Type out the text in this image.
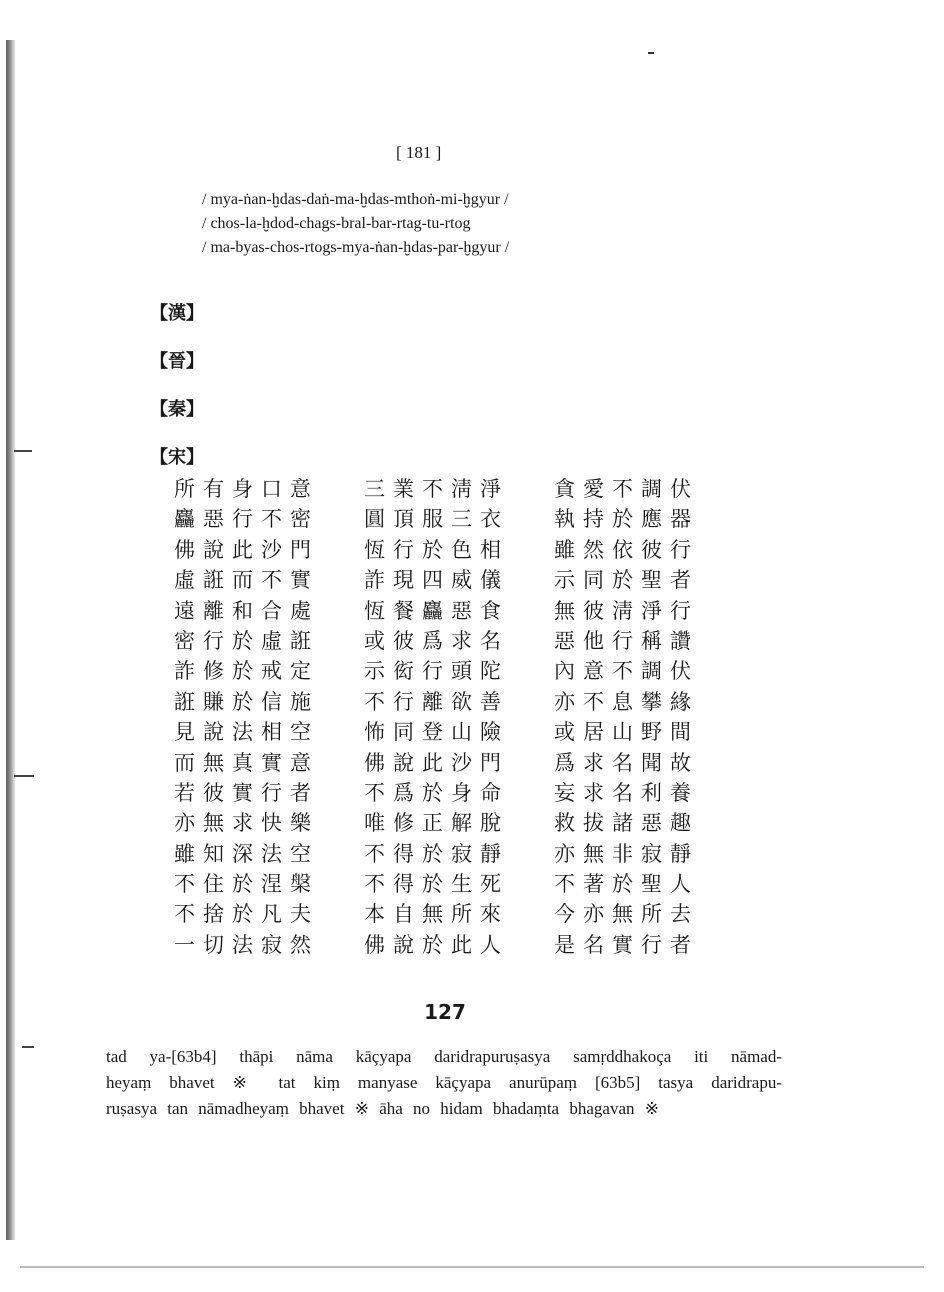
[ 181 ]
/ mya-ṅan-ḫdas-daṅ-ma-ḫdas-mthoṅ-mi-ḫgyur /
/ chos-la-ḫdod-chags-bral-bar-rtag-tu-rtog
/ ma-byas-chos-rtogs-mya-ṅan-ḫdas-par-ḫgyur /
【漢】
【晉】
【秦】
【宋】
所有身口意	三業不淸淨	貪愛不調伏
麤惡行不密	圓頂服三衣	執持於應器
佛說此沙門	恆行於色相	雖然依彼行
虛誑而不實	詐現四威儀	示同於聖者
遠離和合處	恆餐麤惡食	無彼淸淨行
密行於虛誑	或彼爲求名	惡他行稱讚
詐修於戒定	示衒行頭陀	內意不調伏
誑賺於信施	不行離欲善	亦不息攀緣
見說法相空	怖同登山險	或居山野間
而無真實意	佛說此沙門	爲求名聞故
若彼實行者	不爲於身命	妄求名利養
亦無求快樂	唯修正解脫	救拔諸惡趣
雖知深法空	不得於寂靜	亦無非寂靜
不住於涅槃	不得於生死	不著於聖人
不捨於凡夫	本自無所來	今亦無所去
一切法寂然	佛說於此人	是名實行者
127
tad ya-[63b4] thāpi nāma kāçyapa daridrapuruṣasya samṛddhakoça iti nāmad-
heyaṃ bhavet ※ tat kiṃ manyase kāçyapa anurūpaṃ [63b5] tasya daridrapu-
ruṣasya tan nāmadheyaṃ bhavet ※ āha no hidam bhadaṃta bhagavan ※
